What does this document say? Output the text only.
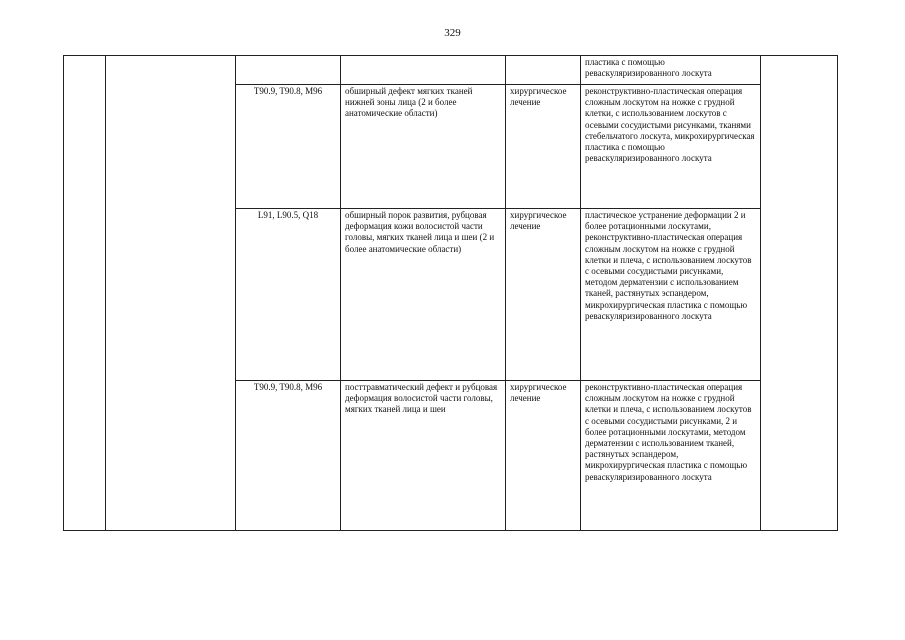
329
					пластика с помощью реваскуляризированного лоскута	
		T90.9, T90.8, M96	обширный дефект мягких тканей нижней зоны лица (2 и более анатомические области)	хирургическое лечение	реконструктивно-пластическая операция сложным лоскутом на ножке с грудной клетки, с использованием лоскутов с осевыми сосудистыми рисунками, тканями стебельчатого лоскута, микрохирургическая пластика с помощью реваскуляризированного лоскута	
		L91, L90.5, Q18	обширный порок развития, рубцовая деформация кожи волосистой части головы, мягких тканей лица и шеи (2 и более анатомические области)	хирургическое лечение	пластическое устранение деформации 2 и более ротационными лоскутами, реконструктивно-пластическая операция сложным лоскутом на ножке с грудной клетки и плеча, с использованием лоскутов с осевыми сосудистыми рисунками, методом дерматензии с использованием тканей, растянутых эспандером, микрохирургическая пластика с помощью реваскуляризированного лоскута	
		T90.9, T90.8, M96	посттравматический дефект и рубцовая деформация волосистой части головы, мягких тканей лица и шеи	хирургическое лечение	реконструктивно-пластическая операция сложным лоскутом на ножке с грудной клетки и плеча, с использованием лоскутов с осевыми сосудистыми рисунками, 2 и более ротационными лоскутами, методом дерматензии с использованием тканей, растянутых эспандером, микрохирургическая пластика с помощью реваскуляризированного лоскута	
